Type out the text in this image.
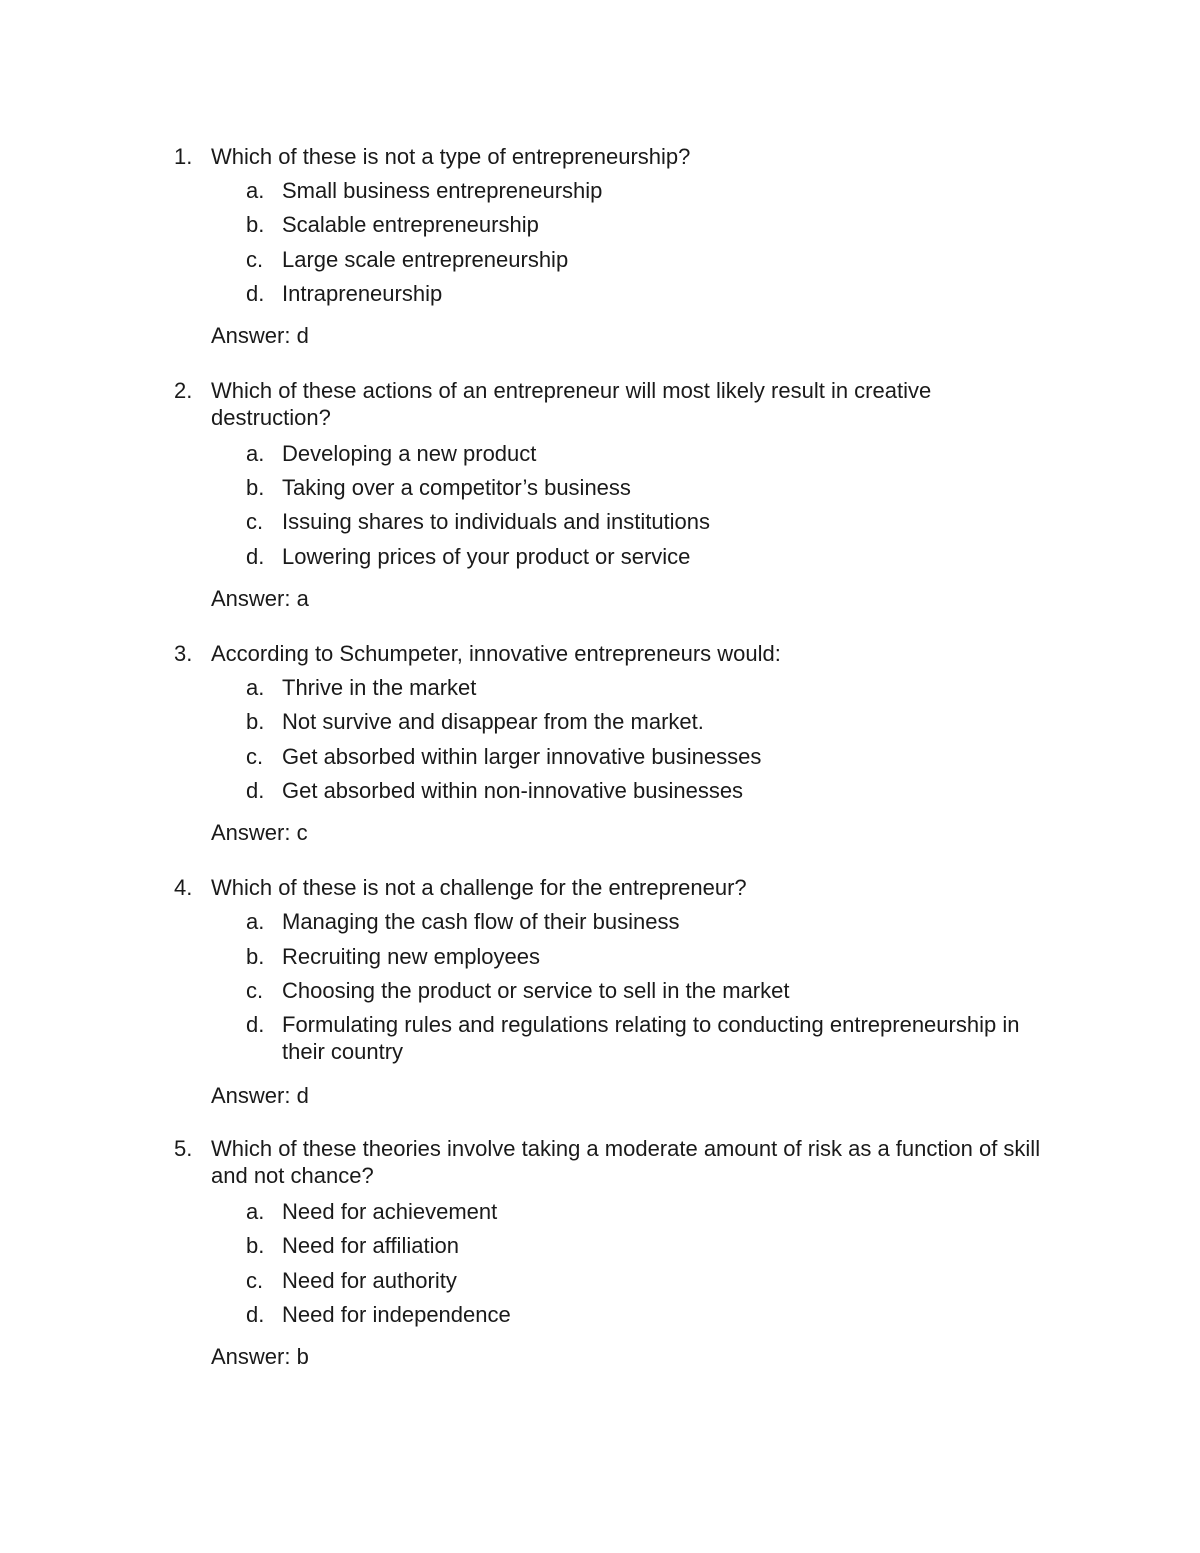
1. Which of these is not a type of entrepreneurship?
a. Small business entrepreneurship
b. Scalable entrepreneurship
c. Large scale entrepreneurship
d. Intrapreneurship
Answer: d
2. Which of these actions of an entrepreneur will most likely result in creative destruction?
a. Developing a new product
b. Taking over a competitor’s business
c. Issuing shares to individuals and institutions
d. Lowering prices of your product or service
Answer: a
3. According to Schumpeter, innovative entrepreneurs would:
a. Thrive in the market
b. Not survive and disappear from the market.
c. Get absorbed within larger innovative businesses
d. Get absorbed within non-innovative businesses
Answer: c
4. Which of these is not a challenge for the entrepreneur?
a. Managing the cash flow of their business
b. Recruiting new employees
c. Choosing the product or service to sell in the market
d. Formulating rules and regulations relating to conducting entrepreneurship in their country
Answer: d
5. Which of these theories involve taking a moderate amount of risk as a function of skill and not chance?
a. Need for achievement
b. Need for affiliation
c. Need for authority
d. Need for independence
Answer: b
